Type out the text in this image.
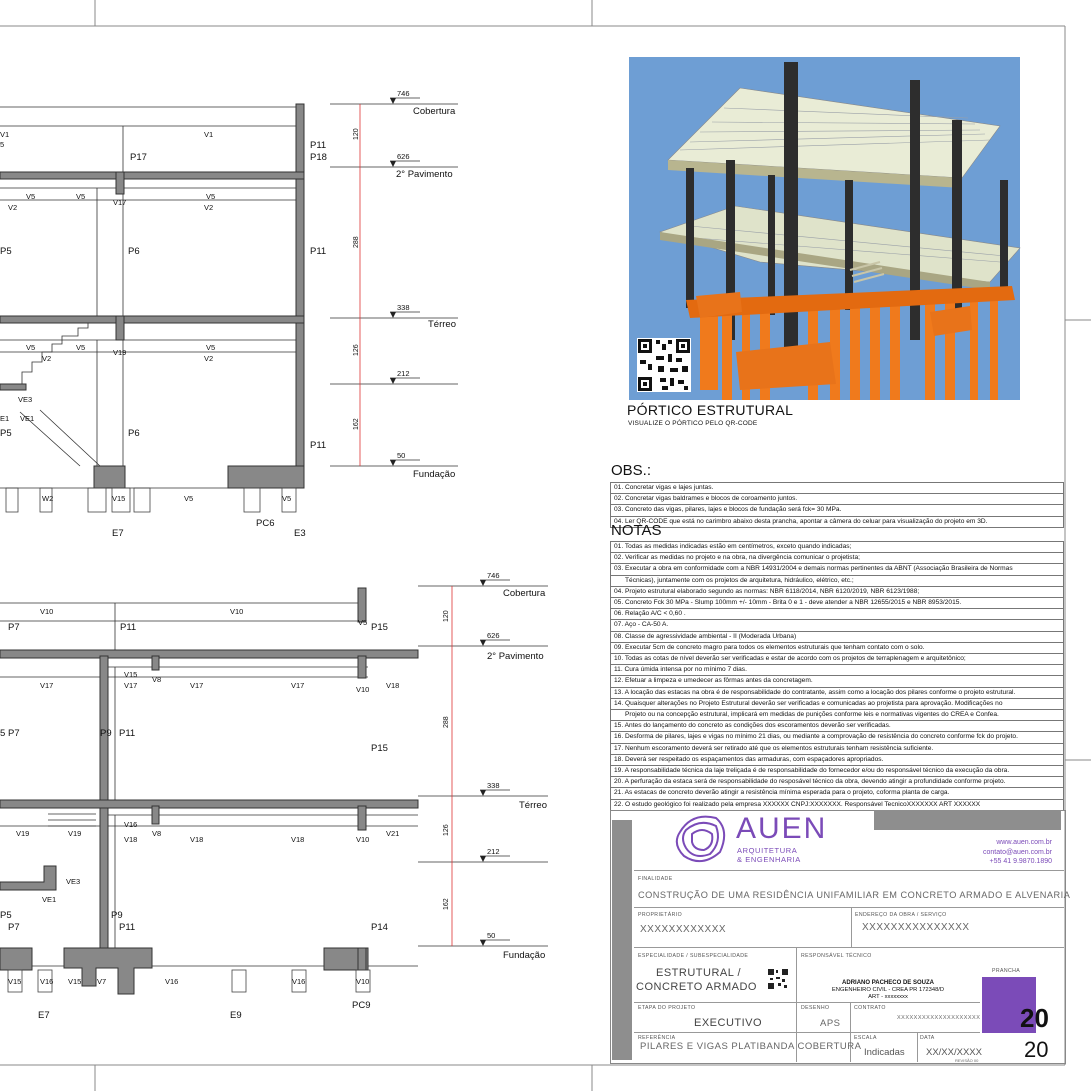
746
626
338
212
50
Cobertura
2° Pavimento
Térreo
Fundação
120
288
126
162
V1
5
V1
P17
P11
P18
V5	V5	V5
V17
V2	V2
P5	P6	P11
V5	V5
V2
V19
V5
V2
VE3
E1 VE1
P5	P6
P11
W2	V15	V5	V5
PC6
E7	E3
746
626
338
212
50
Cobertura
2° Pavimento
Térreo
Fundação
120
288
126
162
V10	V10
P7	P11	V5 P15
V15
V8
V17	V17	V17	V17	V10 V18
P7
5	P9 P11
P15
V19	V19
V16
V8
V18	V18	V18	V10
V21
VE3
VE1
P5
P7
P9
P11	P14
V15 V16 V15 V7	V16	V16	V10
E7	E9
PC9
PÓRTICO ESTRUTURAL
VISUALIZE O PÓRTICO PELO QR-CODE
OBS.:
01. Concretar vigas e lajes juntas.
02. Concretar vigas baldrames e blocos de coroamento juntos.
03. Concreto das vigas, pilares, lajes e blocos de fundação será fck= 30 MPa.
04. Ler QR-CODE que está no carimbro abaixo desta prancha, apontar a câmera do celuar para visualização do projeto em 3D.
NOTAS
01. Todas as medidas indicadas estão em centímetros, exceto quando indicadas;
02. Verificar as medidas no projeto e na obra, na divergência comunicar o projetista;
03. Executar a obra em conformidade com a NBR 14931/2004 e demais normas pertinentes da ABNT (Associação Brasileira de Normas
Técnicas), juntamente com os projetos de arquitetura, hidráulico, elétrico, etc.;
04. Projeto estrutural elaborado segundo as normas: NBR 6118/2014, NBR 6120/2019, NBR 6123/1988;
05. Concreto Fck 30 MPa - Slump 100mm +/- 10mm - Brita 0 e 1 - deve atender a NBR 12655/2015 e NBR 8953/2015.
06. Relação A/C < 0,60 .
07. Aço - CA-50 A.
08. Classe de agressividade ambiental - II (Moderada Urbana)
09. Executar 5cm de concreto magro para todos os elementos estruturais que tenham contato com o solo.
10. Todas as cotas de nível deverão ser verificadas e estar de acordo com os projetos de terraplenagem e arquitetônico;
11. Cura úmida intensa por no mínimo 7 dias.
12. Efetuar a limpeza e umedecer as fôrmas antes da concretagem.
13. A locação das estacas na obra é de responsabilidade do contratante, assim como a locação dos pilares conforme o projeto estrutural.
14. Quaisquer alterações no Projeto Estrutural deverão ser verificadas e comunicadas ao projetista para aprovação. Modificações no
Projeto ou na concepção estrutural, implicará em medidas de punições conforme leis e normativas vigentes do CREA e Confea.
15. Antes do lançamento do concreto as condições dos escoramentos deverão ser verificadas.
16. Desforma de pilares, lajes e vigas no mínimo 21 dias, ou mediante a comprovação de resistência do concreto conforme fck do projeto.
17. Nenhum escoramento deverá ser retirado até que os elementos estruturais tenham resistência suficiente.
18. Deverá ser respeitado os espaçamentos das armaduras, com espaçadores apropriados.
19. A responsabilidade técnica da laje treliçada é de responsabilidade do fornecedor e/ou do responsável técnico da execução da obra.
20. A perfuração da estaca será de responsabilidade do resposável técnico da obra, devendo atingir a profundidade conforme projeto.
21. As estacas de concreto deverão atingir a resistência mínima esperada para o projeto, coforma planta de carga.
22. O estudo geológico foi realizado pela empresa XXXXXX CNPJ:XXXXXXX. Responsável TecnicoXXXXXXX ART XXXXXX
AUEN
ARQUITETURA
& ENGENHARIA
www.auen.com.br
contato@auen.com.br
+55 41 9.9870.1890
FINALIDADE
CONSTRUÇÃO DE UMA RESIDÊNCIA UNIFAMILIAR EM CONCRETO ARMADO E ALVENARIA
PROPRIETÁRIO
XXXXXXXXXXXX
ENDEREÇO DA OBRA / SERVIÇO
XXXXXXXXXXXXXXX
ESPECIALIDADE / SUBESPECIALIDADE
ESTRUTURAL /
CONCRETO ARMADO
RESPONSÁVEL TÉCNICO
ADRIANO PACHECO DE SOUZA
ENGENHEIRO CIVIL - CREA PR 172348/D
ART - xxxxxxxx
PRANCHA
20
20
ETAPA DO PROJETO
EXECUTIVO
DESENHO
APS
CONTRATO
XXXXXXXXXXXXXXXXXXXX
REFERÊNCIA
PILARES E VIGAS PLATIBANDA COBERTURA
ESCALA
Indicadas
DATA
XX/XX/XXXX
REVISÃO 00
